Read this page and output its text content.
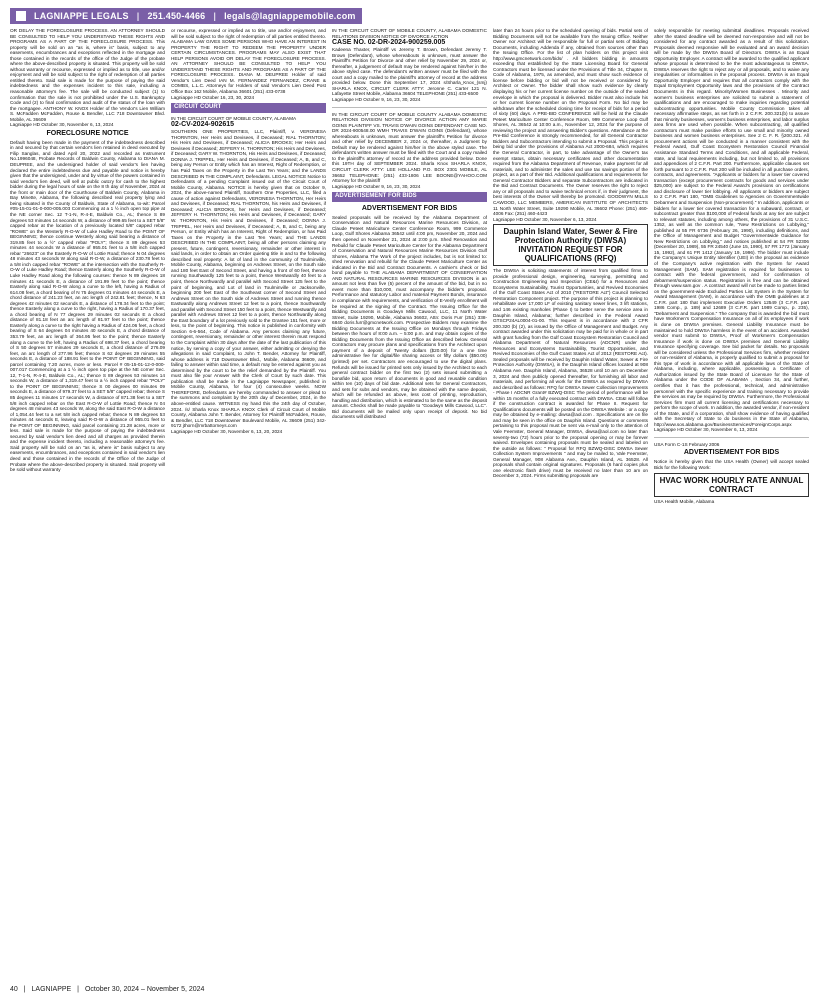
LAGNIAPPE LEGALS | 251.450-4466 | legals@lagniappemobile.com

OR DELAY THE FORECLOSURE PROCESS. AN ATTORNEY SHOULD BE CONSULTED TO HELP YOU UNDERSTAND THESE RIGHTS AND PROGRAMS AS A PART OF THE FORECLOSURE PROCESS. This property will be sold on an "as is, where is" basis, subject to any easements, encumbrances and exceptions reflected in the mortgage and those contained in the records of the office of the Judge of the probate where the above-described property is situated. This property will be sold without warranty or recourse, expressed or implied as to title, use and/or enjoyment and will be sold subject to the right of redemption of all parties entitled thereto. Said sale is made for the purpose of paying the said indebtedness and the expenses incident to this sale, including a reasonable attorney's fee. The sale will be conducted subject (1) to confirmation that the sale is not prohibited under the U.S. Bankruptcy Code and (2) to final confirmation and audit of the status of the loan with the mortgagee. ANTHONY W. KNOX Holder of the Vendor's Lien William S. McFadden McFadden, Rouse & Bendler, LLC 718 Downtowner Blvd. Mobile, AL 36609

Lagniappe HD October 30, November 6, 13, 2024

FORECLOSURE NOTICE

Default having been made in the payment of the indebtedness described in and secured by that certain vendor's lien retained in deed executed by Filip Sanglas, and dated April 20, 2022 and recorded as Instrument No.1996048, Probate Records of Baldwin County, Alabama to DIANA M. DEUPREE, and the undersigned holder of said vendor's lien having declared the entire indebtedness due and payable and notice is hereby given that the undersigned, under and by virtue of the powers contained in said vendor's lien deed, will sell at public outcry for cash to the highest bidder during the legal hours of sale on the 8 th day of November, 2024 at the front or main door of the Courthouse of Baldwin County, Alabama in Bay Minette, Alabama, the following described real property lying and being situated in the County of Baldwin, State of Alabama, to-wit: Parcel #05-15-01-01-0-000-005.003 Commencing at a 1 ½ inch open top pipe at the NE corner Sec. 12 T-1-N, R-4-E, Baldwin Co., AL; thence S 89 degrees 53 minutes 14 seconds W, a distance of 999.65 feet to a SET 5/8" capped rebar at the location of a previously located 5/8" capped rebar "ROWE" on the Westerly R-O-W of Luke Hadley Road to the POINT OF BEGINNING; thence continue Westerly along said bearing a distance of 319.85 feet to a ½" capped rebar "POLY"; thence S 89 degrees 53 minutes 44 seconds W a distance of 955.01 feet to a 5/8 inch capped rebar "26623" on the Easterly R-O-W of Lottie Road; thence N 04 degrees 48 minutes 43 seconds W along said R-O-W, a distance of 230.78 feet to a 5/8 inch capped rebar "ROWE" at the intersection with the Southerly R-O-W of Luke Hadley Road; thence Easterly along the Southerly R-O-W of Luke Hadley Road along the following courses: thence N 89 degrees 18 minutes 41 seconds E, a distance of 191.99 feet to the point; thence Easterly along said R-O-W along a curve to the left, having a Radius of 614.08 feet, a chord bearing of N 75 degrees 01 minutes 44 seconds E, a chord distance of 241.23 feet, an arc length of 242.81 feet; thence, N 63 degrees 42 minutes 02 seconds E, a distance of 178.34 feet to the point; thence Easterly along a curve to the right, having a Radius of 170.37 feet, a chord bearing of N 77 degrees 29 minutes 02 seconds E a chord distance of 81.18 feet an arc length of 81.97 feet to the point; thence Easterly along a curve to the right having a Radius of 424.06 feet, a chord bearing of S 64 degrees 04 minutes 40 seconds E, a chord distance of 353.79 feet, an arc length of 364.95 feet to the point; thence Easterly along a curve to the left, having a Radius of 698.37 feet, a chord bearing of S 50 degrees 57 minutes 29 seconds E, a chord distance of 276.09 feet, an arc length of 277.96 feet; thence S 62 degrees 29 minutes 55 seconds E, a distance of 188.91 feet to the POINT OF BEGINNING, said parcel containing 7.20 acres, more or less. Parcel # 05-15-01-12-0-000-007.017 Commencing at a 1 ½ inch open top pipe at the NE corner Sec. 12, T-1-N, R-4-E, Baldwin Co., AL; thence S 89 degrees 53 minutes 14 seconds W, a distance of 1,319.47 feet to a ½ inch capped rebar "POLY" to the POINT OF BEGINNING; thence S 00 degrees 00 minutes 09 seconds E, a distance of 979.37 feet to a SET 5/8" capped rebar; thence S 85 degrees 11 minutes 17 seconds W, a distance of 871.38 feet to a SET 5/8 inch capped rebar on the East R-O-W of Lottie Road; thence N 04 degrees 48 minutes 43 seconds W, along the said East R-O-W a distance of 1,054.44 feet to a set 5/8 inch capped rebar; thence N 89 degrees 53 minutes 44 seconds E, leaving said R-O-W a distance of 955.01 feet to the POINT OF BEGINNING, said parcel containing 21.28 acres, more or less. Said sale is made for the purpose of paying the indebtedness secured by said vendor's lien deed and all charges as provided therein and the expense incident thereto, including a reasonable attorney's fee. Said property will be sold on an "as is, where is" basis subject to any easements, encumbrances, and exceptions contained in said vendor's lien deed and those contained in the records of the Office of the Judge of Probate where the above-described property is situated. Said property will be sold without warranty

or recourse, expressed or implied as to title, use and/or enjoyment, and will be sold subject to the right of redemption of all parties entitled thereto. ALABAMA LAW GIVES SOME PERSONS WHO HAVE AN INTEREST IN PROPERTY THE RIGHT TO REDEEM THE PROPERTY UNDER CERTAIN CIRCUMSTANCES. PROGRAMS MAY ALSO EXIST THAT HELP PERSONS AVOID OR DELAY THE FORECLOSURE PROCESS. AN ATTORNEY SHOULD BE CONSULTED TO HELP YOU UNDERSTAND THESE RIGHTS AND PROGRAMS AS A PART OF THE FORECLOSURE PROCESS. DIANA M. DEUPREE Holder of said Vendor's Lien Deed IAN M. FERNANDEZ FERNANDEZ, CRANE & COMBS, L.L.C. Attorneys for Holders of said Vendor's Lien Deed Post Office Box 162 Mobile, Alabama 36601 (251) 433-0738

Lagniappe HD October 16, 23, 30, 2024

CIRCUIT COURT

IN THE CIRCUIT COURT OF MOBILE COUNTY, ALABAMA

02-CV-2024-902615

SOUTHERN ONE PROPERTIES, LLC, Plaintiff, v. VERONESA THORNTON, Her Heirs and Devisees, if Deceased; RIAL THORNTON; His Heirs and Devisees, if Deceased; ALICIA BROOKS; Her Heirs and Devisees if Deceased; JEFFERY H. THORNTON; His Heirs and Devisees, if Deceased; GARY W. THORNTON, His Heirs and Devisees, if Deceased; DONNA J. TRIPPEL, Her Heirs and Devisees, if Deceased; A, B, and C, being any Person or Entity which has an Interest, Right of Redemption, or has Paid Taxes on the Property in the Last Ten Years; and the LANDS DESCRIBED IN THE COMPLAINT, Defendants. LEGAL NOTICE Notice to Defendants of a pending Complaint issued out of the Circuit Court of Mobile County, Alabama. NOTICE is hereby given that on October 9, 2024, the above-named Plaintiff, Southern One Properties, LLC, filed a cause of action against Defendants, VERONESA THORNTON, Her Heirs and Devisees, if Deceased; RIAL THORNTON, his Heirs and Devisees, if Deceased; ALICIA BROOKS, her Heirs and Devisees, if Deceased; JEFFERY H. THORNTON; His Heirs and Devisees, if Deceased; GARY W. THORNTON, His Heirs and Devisees, if Deceased; DONNA J. TRIPPEL, Her Heirs and Devisees, if Deceased; A, B, and C, being any Person, or Entity which has an Interest, Right of Redemption, or has Paid Taxes on the Property in the Last Ten Years; and THE LANDS DESCRIBED IN THE COMPLAINT, being all other persons claiming any present, future, contingent, reversionary, remainder or other interest in said lands, in order to obtain an Order quieting title in and to the following described real property: A lot of land in the community of Toulminville, Mobile County, Alabama, beginning on Andrews Street, on the South side and 180 feet East of Second Street, and having a front of 60 feet, thence running Southwardly 125 feet to a point, thence Westwardly 40 feet to a point, thence Northwardly and parallel with Second Street 125 feet to the point of beginning, and Lot of land in Toulminville or Jacksonville, beginning 200 feet East of the Southeast corner of Second Street and Andrews Street on the South side of Andrews Street and running thence Eastwardly along Andrews Street 12 feet to a point, thence Southwardly and parallel with Second Street 150 feet to a point, thence Westwardly and parallel with Andrews Street 12 feet to a point, thence Northwardly along the East boundary of a lot previously sold to the Grantee 151 feet, more or less, to the point of beginning. This notice is published in conformity with Section 6-6-564, Code of Alabama. Any persons claiming any future, contingent, reversionary, remainder or other interest therein must respond to the Complaint within 30 days after the date of the last publication of this notice, by serving a copy of your answer, either admitting or denying the allegations in said Complaint, to John T. Bender, Attorney for Plaintiff, whose address is 718 Downtowner Blvd., Mobile, Alabama 36609, and failing to answer within said time, a default may be entered against you as determined by the court to be the relief demanded by the Plaintiff. You must also file your Answer with the Clerk of Court by such date. This publication shall be made in the Lagniappe Newspaper, published in Mobile County, Alabama, for four (4) consecutive weeks. NOW THEREFORE, Defendants are hereby commanded to answer or plead to the summons and complaint by the 20th day of December, 2024, in the above-entitled cause. WITNESS my hand this the 24th day of October, 2024. /s/ Sharla Knox SHARLA KNOX Clerk of Circuit Court of Mobile County, Alabama John T. Bender, Attorney for Plaintiff McFadden, Rouse, & Bendler, LLC 718 Downtowner Boulevard Mobile, AL 36609 (251) 342-9172 jthorn@mrbattorneys.com

Lagniappe HD October 30, November 6, 13, 20, 2024

IN THE CIRCUIT COURT OF MOBILE COUNTY, ALABAMA DOMESTIC RELATIONS DIVISION NOTICE OF DIVORCE ACTION

CASE NO. 02-DR-2024-900259.005

Kadeena Thaxter, Plaintiff vs Jeremy T. Brown, Defendant Jeremy T. Brown (Defendant), whose whereabouts is unknown, must answer the Plaintiff's Petition for Divorce and other relief by November 29, 2024 or, thereafter, a judgement of default may be rendered against him/her in the above styled case. The defendant's written answer must be filed with the court and a copy mailed to the plaintiff's attorney of record at the address provided below. Done this September 17, 2024 s/Sharla_Knox_(smj) SHARLA KNOX, CIRCUIT CLERK ATTY: Jeronne C. Carter 121 N. Lafayette Street Mobile, Alabama 36604 TELEPHONE (251) 433-6500

Lagniappe HD October 9, 16, 23, 30, 2024

IN THE CIRCUIT COURT OF MOBILE COUNTY ALABAMA DOMESTIC RELATIONS DIVISION NOTICE OF DIVORCE ACTION AMY MARIE GOINS PLAINTIFF VS. TRAVIS D'WAIN GOINS DEFENDANT CASE NO. DR 2024-900548.00 WMH TRAVIS D'WAIN GOINS (Defendant), whose whereabouts is unknown, must answer the plaintiff's Petition for divorce and other relief by DECEMBER 2, 2024 or, thereafter, a Judgment by Default may be rendered against him/her in the above styled case. The defendant's written answer must be filed with the Court and a copy mailed to the plaintiff's attorney of record at the address provided below. Done this 19TH day of SEPTEMBER 2024. Sharla Knox SHARLA KNOX, CIRCUIT CLERK ATTY: LEE HOLLAND P.O. BOX 2301 MOBILE, AL 36652 TELEPHONE: (251) 433-1806 LEE BOONE@YAHOO.COM Attorney for the plaintiff

Lagniappe HD October 9, 16, 23, 30, 2024

ADVERTISEMENT FOR BIDS
ADVERTISEMENT FOR BIDS

Sealed proposals will be received by the Alabama Department of Conservation and Natural Resources Marine Resources Division, at Claude Peteet Mariculture Center Conference Room, 999 Commerce Loop, Gulf Shores Alabama 36542 until 4:00 pm, November 20, 2024 and then opened on November 21, 2024 at 2:00 p.m. Shed Renovation and Rebuild for Claude Peteet Mariculture Center for the Alabama Department of Conservation and Natural Resources Marine Resources Division Gulf Shores, Alabama The Work of the project includes, but is not limited to: shed renovation and rebuild for the Claude Peteet Mariculture Center as indicated in the Bid and Contract Documents. A cashier's check or bid bond payable to THE ALABAMA DEPARTMENT OF CONSERVATION AND NATURAL RESOURCES MARINE RESOURCES DIVISION in an amount not less than five (5) percent of the amount of the bid, but in no event more than $10,000, must accompany the bidder's proposal. Performance and statutory Labor and material Payment Bonds, insurance in compliance with requirements, and verification of E-Verify enrollment will be required at the signing of the Contract. The Issuing Office for the Bidding Documents is Goodwyn Mills Cawood, LLC, 11 North Water Street, Suite 19290, Mobile, Alabama 36602, Attn: Doris Furr (251) 338-6840 doris.furr@gmcnetwork.com. Prospective Bidders may examine the Bidding Documents at the Issuing Office on Mondays through Fridays between the hours of 8:00 a.m. – 5:00 p.m. and may obtain copies of the Bidding Documents from the Issuing Office as described below. General Contractors may procure plans and specifications from the Architect upon payment of a deposit of Twenty dollars ($20.00) for a one time administrative fee for digital/file sharing access or fifty dollars ($50.00) (printed) per set. Contractors are encouraged to use the digital plans. Refunds will be issued for printed sets only issued by the Architect to each general contract bidder on the first two (2) sets issued submitting a bonafide bid, upon return of documents in good and reusable condition within ten (10) days of bid date. Additional sets for General Contractors, and sets for subs and vendors, may be obtained with the same deposit, which will be refunded as above, less cost of printing, reproduction, handling and distribution, which is estimated to be the same as the deposit amount. Checks shall be made payable to "Goodwyn Mills Cawood, LLC". Bid documents will be mailed only upon receipt of deposit. No bid documents will distributed

later than 24 hours prior to the scheduled opening of bids. Partial sets of Bidding Documents will not be available from the Issuing Office. Neither Owner nor Architect will be responsible for full or partial sets of Bidding Documents, including Addenda if any, obtained from sources other than the Issuing Office. For the list of plan holders on this project visit http://www.gmcnetwork.com/bids/ . All bidders bidding in amounts exceeding that established by the State Licensing Board for General Contractors must be licensed under the Provisions of Title 34, Chapter 8, Code of Alabama, 1975, as amended, and must show such evidence of license before bidding or bid will not be received or considered by Architect or Owner. The bidder shall show such evidence by clearly displaying his or her current license number on the outside of the sealed envelope in which the proposal is delivered. Bidder must also include his or her current license number on the Proposal Form. No bid may be withdrawn after the scheduled closing time for receipt of bids for a period of sixty (60) days. A PRE-BID CONFERENCE will be held at the Claude Peteet Mariculture Center Conference Room, 999 Commerce Loop Gulf Shores, AL 36542 at 10:00 a.m., November 12, 2024 for the purpose of reviewing the project and answering Bidder's questions. Attendance at the Pre-Bid Conference is strongly recommended, for all General Contractor Bidders and Subcontractors intending to submit a Proposal. This project is being bid under the provisions of Alabama Act 2000-684, which requires the General Contractor, in part, to take advantage of the Owner's tax exempt status, obtain necessary certificates and other documentation required from the Alabama Department of Revenue, make payment for all materials, and to administer the sales and use tax savings portion of the project, as a part of their Bid. Additional qualifications and requirements for General Contractor Bidders and separate Subcontractors are indicated in the Bid and Contract Documents. The Owner reserves the right to reject any or all proposals and to waive technical errors if, in their judgment, the best interests of the Owner will thereby be promoted. GOODWYN MILLS CAWOOD, LLC MEMBERS, AMERICAN INSTITUTE OF ARCHITECTS 11 North Water Street, Suite 19290 Mobile, AL 36602 Phone: (251) 460-4006 Fax: (251) 460-4423

Lagniappe HD October 30, November 6, 13, 2024

Dauphin Island Water, Sewer & Fire Protection Authority (DIWSA) INVITATION REQUEST FOR QUALIFICATIONS (RFQ)

The DIWSA is soliciting statements of interest from qualified firms to provide professional design, engineering, surveying, permitting and Construction Engineering and Inspection (CE&I) for a Resources and Ecosystems Sustainability, Tourist Opportunities, and Revived Economies of the Gulf Coast States Act of 2010 ("RESTORE Act") Council Selected Restoration Component project. The purpose of this project is planning to rehabilitate over 17,000 LF of existing sanitary sewer lines, 3 lift stations, and 146 existing manholes (Phase I) to better serve the service area in Dauphin Island, Alabama; further described in the Federal Award GTSCP24AL0004-01-00. This request is in accordance with 2 CFR 200.320 (b) (2), as issued by the Office of Management and Budget. Any contract awarded under this solicitation may be paid for in whole or in part with grant funding from the Gulf Coast Ecosystem Restoration Council and Alabama Department of Natural Resources (ADCNR) under the Resources and Ecosystems Sustainability, Tourist Opportunities, and Revived Economies of the Gulf Coast States Act of 2012 (RESTORE Act). Sealed proposals will be received by Dauphin Island Water, Sewer & Fire Protection Authority (DIWSA), in the Dauphin Island offices located at 908 Alabama Ave. Dauphin Island, Alabama, 36528 until 10 am on December 3, 2024 and then publicly opened thereafter, for furnishing all labor and materials, and performing all work for the DIWSA as required by DIWSA and described as follows: RFQ for DIWSA Sewer Collection Improvements - Phase I ADCNR Grant# BZWQ-DISC The period of performance will be within 15 months of a fully executed contract with DIWSA. CE&I will follow if the construction contract is awarded for Phase II. Request for Qualifications documents will be posted on the DIWSA Website : or a copy may be obtained by e-mailing: diwsa@aol.com . Specifications are on file and may be seen in the office on Dauphin Island. Questions or comments pertaining to this proposal must be sent via e-mail only to the attention of Vale Feemster, General Manager, DIWSA, diwsa@aol.com no later than seventy-two (72) hours prior to the proposal opening or may be forever waived. Envelopes containing proposals must be sealed and labeled on the outside as follows: " Proposal for RFQ BZWQ-DISC DIWSA Sewer Collection System Improvements " and may be mailed to, Vale Feemster, General Manager, 908 Alabama Ave., Dauphin Island, AL 36528. All proposals shall contain original signatures. Proposals (6 hard copies plus one electronic flash drive) must be received no later than 10 am on December 3, 2024. Firms submitting proposals are

solely responsible for meeting submittal deadlines. Proposals received after the stated deadline will be deemed non-responsive and will not be considered for any contract awarded as a result of this solicitation. Proposals deemed responsive will be evaluated and an award decision will be made by the DIWSA Board of Directors. DIWSA is an Equal Opportunity Employer. A contract will be awarded to the qualified applicant whose proposal is determined to be the most advantageous to DIWSA. DIWSA reserves the right to reject any or all proposals, and to waive any irregularities or informalities in the proposal process. DIWSA is an Equal Opportunity Employer and requires that all contractors comply with the Equal Employment Opportunity laws and the provisions of the Contract Documents in this regard. Minority/Women Businesses . Minority and women's business enterprises are solicited to submit a statement of qualifications and are encouraged to make inquiries regarding potential subcontracting opportunities. Mobile County Commission takes all necessary affirmative steps, as set forth in 2 C.F.R. 200.321(b) to assure that minority businesses, women's business enterprises, and labor surplus area firms are used when possible. When subcontracting, all qualified contractors must make positive efforts to use small and minority owned business and women business enterprises. See 2 C. F. R. §200.321. All procurement actions will be conducted in a manner consistent with the Federal Award, Gulf Coast Ecosystem Restoration Council Financial Assistance Standard Terms and Conditions, and all applicable Federal, state, and local requirements including, but not limited to, all provisions and appendices of 2 C.F.R. Part 200. Furthermore, applicable clauses set forth pursuant to 2 C.F.R. Part 200 will be included in all purchase orders, contracts, and agreements. "Applicants or bidders for a lower tier covered transaction (except procurement contracts for goods and services under $25,000) are subject to the Federal Award's provisions on certifications and disclosure of lower tier lobbying. All applicants or bidders are subject to 2 C.F.R. Part 180, "OMB Guidelines to Agencies on Governmentwide Debarment and Suspension (Non-procurement)." In addition, applicants or bidders for a lower tier covered transaction for a subaward, contract, or subcontract greater than $100,000 of Federal funds at any tier are subject to relevant statutes, including among others, the provisions of 31 U.S.C. 1352, as well as the common rule, "New Restrictions on Lobbying," published at 55 FR 6736 (February 26, 1990), including definitions, and the Office of Management and Budget "Governmentwide Guidance for New Restrictions on Lobbying," and notices published at 54 FR 52306 (December 20, 1989), 55 FR 24540 (June 15, 1990), 57 FR 1772 (January 15, 1992), and 61 FR 1412 (January 19, 1996). The bidder must include the Company's Unique Entity Identifier (UEI) in the proposal as evidence of the Company's active registration with the System for Award Management (SAM). SAM registration is required for businesses to contract with the federal government, and for confirmation of debarment/suspension status. Registration is free and can be obtained through www.sam.gov . A contract award will not be made to parties listed on the government-wide Excluded Parties List System in the System for Award Management (SAM), in accordance with the OMB guidelines at 2 C.F.R. part 180 that implement Executive Orders 12549 (3 C.F.R. part 1986 Comp., p. 189) and 12689 (3 C.F.R. part 1989 Comp., p. 235), "Debarment and Suspension." The company that is awarded the bid must have Workmen's Compensation Insurance on all of its employees if work is done on DIWSA premises. General Liability Insurance must be maintained to hold DIWSA harmless in the event of an accident. Awarded vendor must submit to DIWSA, Proof of Workmen's Compensation Insurance if work is done on DIWSA premises and General Liability Insurance specifying coverage. See bid packet for details. No proposals will be considered unless the Professional Services firm, whether resident or non-resident of Alabama, is properly qualified to submit a proposal for this type of work in accordance with all applicable laws of the State of Alabama, including, where applicable, possessing a Certificate of Authorization issued by the State Board of Licensure for the State of Alabama under the CODE OF ALABAMA , Section 34, and further, certifies that it has the professional, technical, and administrative personnel with the specific experience and training necessary to provide the services as may be required by DIWSA. Furthermore, the Professional Services firm must all current licensing and certifications necessary to perform the scope of work. In addition, the awarded vendor, if non-resident of the State, and if a corporation, shall show evidence of having qualified with the Secretary of State to do business in the State of Alabama, http://www.sos.alabama.gov/BusinessServices/ForeignCorps.aspx

Lagniappe HD October 30, November 6, 13, 2024

USA Form C-1S February 2006

ADVERTISEMENT FOR BIDS

Notice is hereby given that the USA Health (Owner) will accept sealed Bids for the following Work:

HVAC WORK HOURLY RATE ANNUAL CONTRACT

USA Health Mobile, Alabama

40 | LAGNIAPPE | October 30, 2024 – November 5, 2024
